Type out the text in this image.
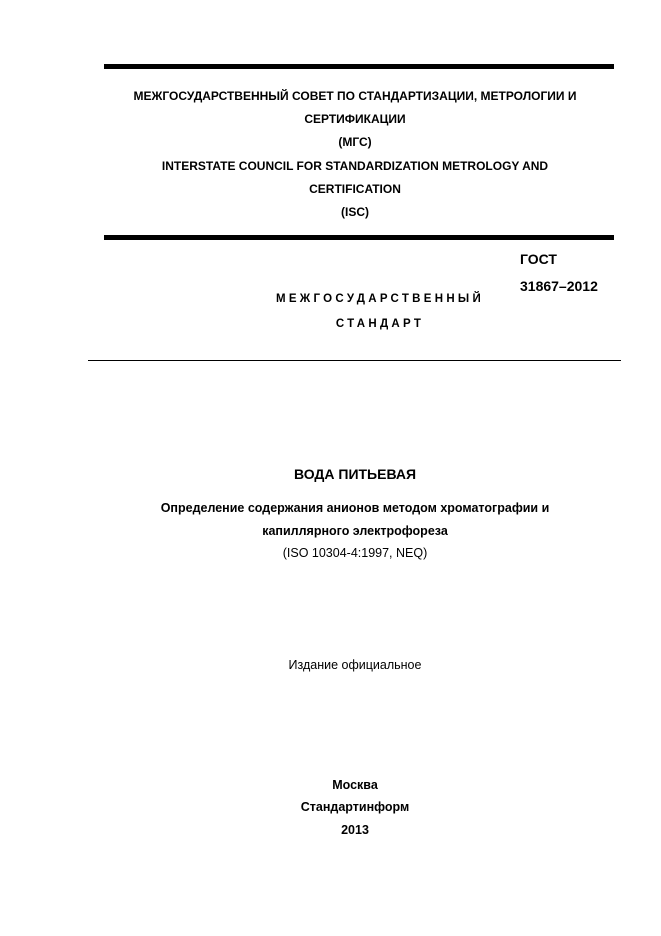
МЕЖГОСУДАРСТВЕННЫЙ СОВЕТ ПО СТАНДАРТИЗАЦИИ, МЕТРОЛОГИИ И
СЕРТИФИКАЦИИ
(МГС)
INTERSTATE COUNCIL FOR STANDARDIZATION METROLOGY AND
CERTIFICATION
(ISC)
ГОСТ
31867–2012
МЕЖГОСУДАРСТВЕННЫЙ
СТАНДАРТ
ВОДА ПИТЬЕВАЯ
Определение содержания анионов методом хроматографии и
капиллярного электрофореза
(ISO 10304-4:1997, NEQ)
Издание официальное
Москва
Стандартинформ
2013
